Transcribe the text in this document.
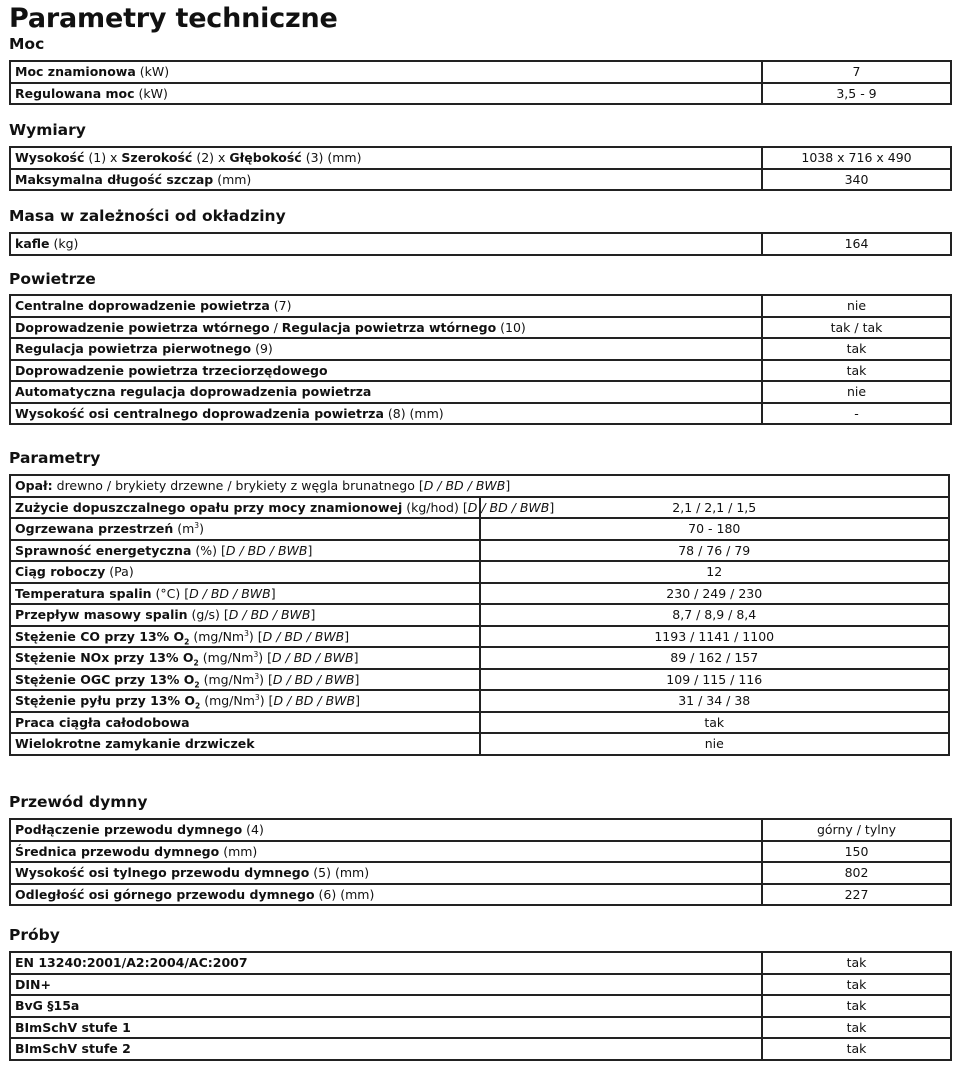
Parametry techniczne
Moc
Moc znamionowa (kW)	7
Regulowana moc (kW)	3,5 - 9
Wymiary
Wysokość (1) x Szerokość (2) x Głębokość (3) (mm)	1038 x 716 x 490
Maksymalna długość szczap (mm)	340
Masa w zależności od okładziny
kafle (kg)	164
Powietrze
Centralne doprowadzenie powietrza (7)	nie
Doprowadzenie powietrza wtórnego / Regulacja powietrza wtórnego (10)	tak / tak
Regulacja powietrza pierwotnego (9)	tak
Doprowadzenie powietrza trzeciorzędowego	tak
Automatyczna regulacja doprowadzenia powietrza	nie
Wysokość osi centralnego doprowadzenia powietrza (8) (mm)	-
Parametry
Opał: drewno / brykiety drzewne / brykiety z węgla brunatnego [D / BD / BWB]	
Zużycie dopuszczalnego opału przy mocy znamionowej (kg/hod) [D / BD / BWB]	2,1 / 2,1 / 1,5
Ogrzewana przestrzeń $(m^3)$	70 - 180
Sprawność energetyczna (%) [D / BD / BWB]	78 / 76 / 79
Ciąg roboczy (Pa)	12
Temperatura spalin (°C) [D / BD / BWB]	230 / 249 / 230
Przepływ masowy spalin (g/s) [D / BD / BWB]	8,7 / 8,9 / 8,4
Stężenie CO przy 13% $O_2$ (mg/Nm$^3$) [D / BD / BWB]	1193 / 1141 / 1100
Stężenie NOx przy 13% $O_2$ (mg/Nm$^3$) [D / BD / BWB]	89 / 162 / 157
Stężenie OGC przy 13% $O_2$ (mg/Nm$^3$) [D / BD / BWB]	109 / 115 / 116
Stężenie pyłu przy 13% $O_2$ (mg/Nm$^3$) [D / BD / BWB]	31 / 34 / 38
Praca ciągła całodobowa	tak
Wielokrotne zamykanie drzwiczek	nie
Przewód dymny
Podłączenie przewodu dymnego (4)	górny / tylny
Średnica przewodu dymnego (mm)	150
Wysokość osi tylnego przewodu dymnego (5) (mm)	802
Odległość osi górnego przewodu dymnego (6) (mm)	227
Próby
EN 13240:2001/A2:2004/AC:2007	tak
DIN+	tak
BvG §15a	tak
BImSchV stufe 1	tak
BImSchV stufe 2	tak
